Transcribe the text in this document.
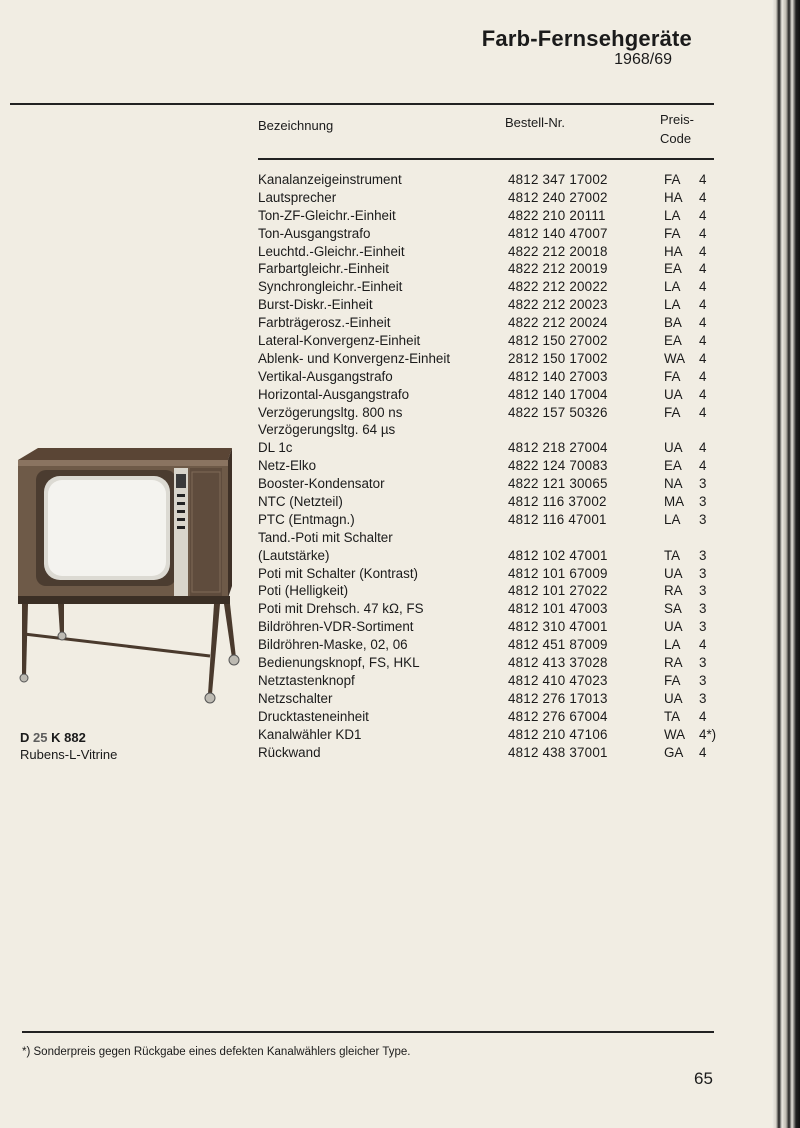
Farb-Fernsehgeräte
1968/69
Bezeichnung	Bestell-Nr.	Preis-
Code
Kanalanzeigeinstrument	4812 347 17002	FA 4
Lautsprecher	4812 240 27002	HA 4
Ton-ZF-Gleichr.-Einheit	4822 210 20111	LA 4
Ton-Ausgangstrafo	4812 140 47007	FA 4
Leuchtd.-Gleichr.-Einheit	4822 212 20018	HA 4
Farbartgleichr.-Einheit	4822 212 20019	EA 4
Synchrongleichr.-Einheit	4822 212 20022	LA 4
Burst-Diskr.-Einheit	4822 212 20023	LA 4
Farbträgerosz.-Einheit	4822 212 20024	BA 4
Lateral-Konvergenz-Einheit	4812 150 27002	EA 4
Ablenk- und Konvergenz-Einheit	2812 150 17002	WA 4
Vertikal-Ausgangstrafo	4812 140 27003	FA 4
Horizontal-Ausgangstrafo	4812 140 17004	UA 4
Verzögerungsltg. 800 ns	4822 157 50326	FA 4
Verzögerungsltg. 64 µs
DL 1c	4812 218 27004	UA 4
Netz-Elko	4822 124 70083	EA 4
Booster-Kondensator	4822 121 30065	NA 3
NTC (Netzteil)	4812 116 37002	MA 3
PTC (Entmagn.)	4812 116 47001	LA 3
Tand.-Poti mit Schalter
(Lautstärke)	4812 102 47001	TA 3
Poti mit Schalter (Kontrast)	4812 101 67009	UA 3
Poti (Helligkeit)	4812 101 27022	RA 3
Poti mit Drehsch. 47 kΩ, FS	4812 101 47003	SA 3
Bildröhren-VDR-Sortiment	4812 310 47001	UA 3
Bildröhren-Maske, 02, 06	4812 451 87009	LA 4
Bedienungsknopf, FS, HKL	4812 413 37028	RA 3
Netztastenknopf	4812 410 47023	FA 3
Netzschalter	4812 276 17013	UA 3
Drucktasteneinheit	4812 276 67004	TA 4
Kanalwähler KD1	4812 210 47106	WA 4*)
Rückwand	4812 438 37001	GA 4
D 25 K 882
Rubens-L-Vitrine
*) Sonderpreis gegen Rückgabe eines defekten Kanalwählers gleicher Type.
65
